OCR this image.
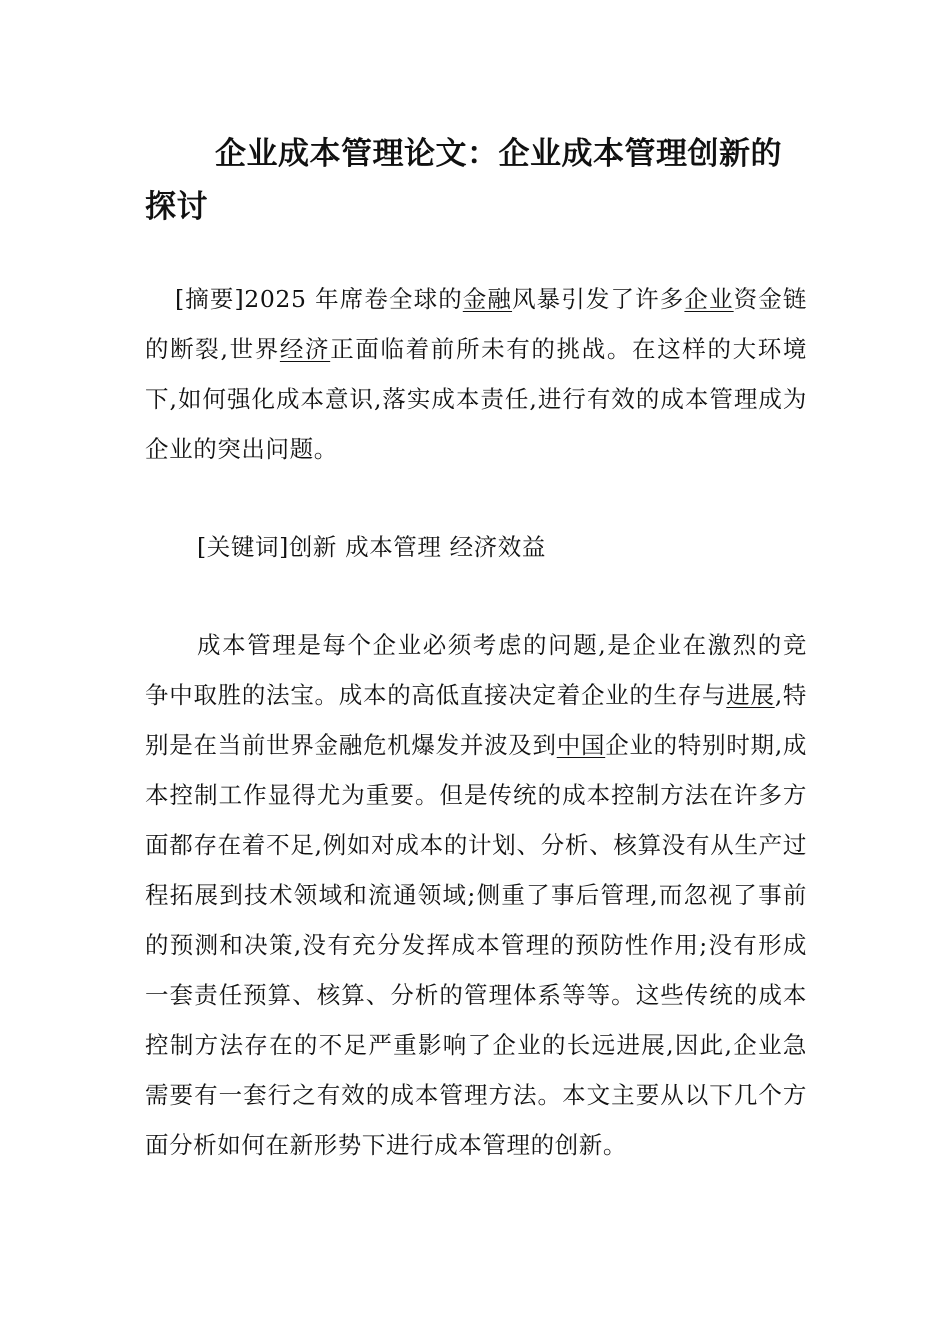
企业成本管理论文：企业成本管理创新的探讨

[摘要]2025 年席卷全球的金融风暴引发了许多企业资金链的断裂,世界经济正面临着前所未有的挑战。在这样的大环境下,如何强化成本意识,落实成本责任,进行有效的成本管理成为企业的突出问题。

[关键词]创新 成本管理 经济效益

成本管理是每个企业必须考虑的问题,是企业在激烈的竞争中取胜的法宝。成本的高低直接决定着企业的生存与进展,特别是在当前世界金融危机爆发并波及到中国企业的特别时期,成本控制工作显得尤为重要。但是传统的成本控制方法在许多方面都存在着不足,例如对成本的计划、分析、核算没有从生产过程拓展到技术领域和流通领域;侧重了事后管理,而忽视了事前的预测和决策,没有充分发挥成本管理的预防性作用;没有形成一套责任预算、核算、分析的管理体系等等。这些传统的成本控制方法存在的不足严重影响了企业的长远进展,因此,企业急需要有一套行之有效的成本管理方法。本文主要从以下几个方面分析如何在新形势下进行成本管理的创新。
